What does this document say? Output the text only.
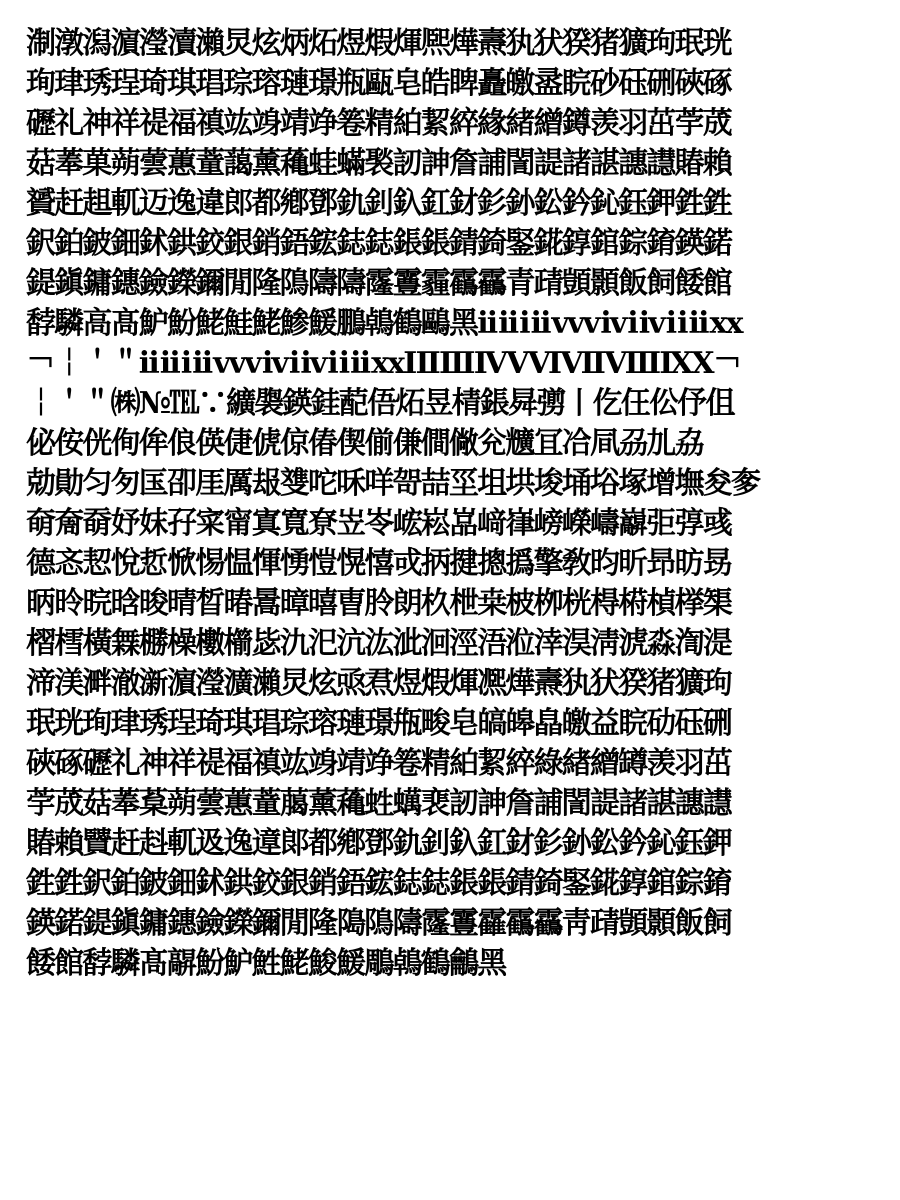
淛潡潟濵瀅瀆瀨炅炫炳炻煜煆煇熈燁燾犱犾猤猪獷玽珉珖
珣珒琇珵琦琪琩琮瑢璉璟瓶甌皂皓睥矗皦盝睆砂砡硎硤硺
礰礼神祥禔福禛竑竧靖竫箞精絈絜綷緣緒繒鐏羡羽茁荢荿
菇菶菓蒴蕓蕙蕫藹薰蘒蛙蟎褧訒訷詹誧誾諟諸諶譓譿賰賴
贇赶趄軏迈逸違郎都鄕鄧釚釗釞釭釮釤釥鈆鈐鈊鈺鉀鉎鉎
鈬鉑鈹鈿鉥鉷鉸銀銷鋙鋐鋕鋕鋹鋹錆錡鋻錵錞錧錝錥鍈鍩
鍉鎭鏞鏸鐱鑅鑈閒隆隝隯隯霳霻霾靍靏青靕顗顥飯飼餧館
馞驎高髙魲魵鮱鮭鮱鯵鰀鵬鵫鶴鷗黑ⅰⅱⅲⅳⅴⅵⅶⅷⅸⅹ
￢￤＇＂ⅰⅱⅲⅳⅴⅵⅶⅷⅸⅹⅠⅡⅢⅣⅤⅥⅦⅧⅨⅩ￢
￤＇＂㈱№℡∵纊褜鍈銈蓜俉炻昱棈鋹曻彅丨仡仼伀伃伹
佖侒侊侚侔俍偀倢俿倞偆偰偂傔僴僘兊兤冝冾凬刕劜劦
勀勛匀匇匤卲厓厲叝﨎咜咊咩哿喆坙坥垬埈埇﨏塚增墲夋奓
奛奝奣妤妺孖寀甯寘寬尞岦岺峵崧嵓﨑嵂嵭嶸嶹巐弡弴彧
德忞恝悅悊惞惕愠惲愑愷愰憘戓抦揵摠撝擎敎昀昕昻昉昮
昞昤晥晗晙晴晳暙暠暲暿曺朎朗杦枻桒柀栁桄棏﨓楨﨔榘
槢樰橫橆橳橾櫢櫤毖氿汜沆汯泚洄涇浯涖涬淏淸淲淼渹湜
渧渼溿澈澵濵瀅瀇瀨炅炫焏焄煜煆煇凞燁燾犱犾猤猪獷玽
珉珖珣珒琇珵琦琪琩琮瑢璉璟甁畯皂皜皞皛皦益睆劯砡硎
硤硺礰礼神祥禔福禛竑竧靖竫箞精絈絜綷綠緖繒罇羡羽茁
荢荿菇菶葈蒴蕓蕙蕫﨟薰蘒﨡蠇裵訒訷詹誧誾諟諸諶譓譿
賰賴贒赶﨣軏﨤逸遧郞都鄕鄧釚釗釞釭釮釤釥鈆鈐鈊鈺鉀
鉎鉎鈬鉑鈹鈿鉥鉷鉸銀銷鋙鋐鋕鋕鋹鋹錆錡鋻錵錞錧錝錥
鍈鍩鍉鎭鏞鏸鐱鑅鑈閒隆﨩隝隯霳霻靃靍靏靑靕顗顥飯飼
餧館馞驎髙髜魵魲鮏鮱鮻鰀鵰鵫鶴鸙黑
